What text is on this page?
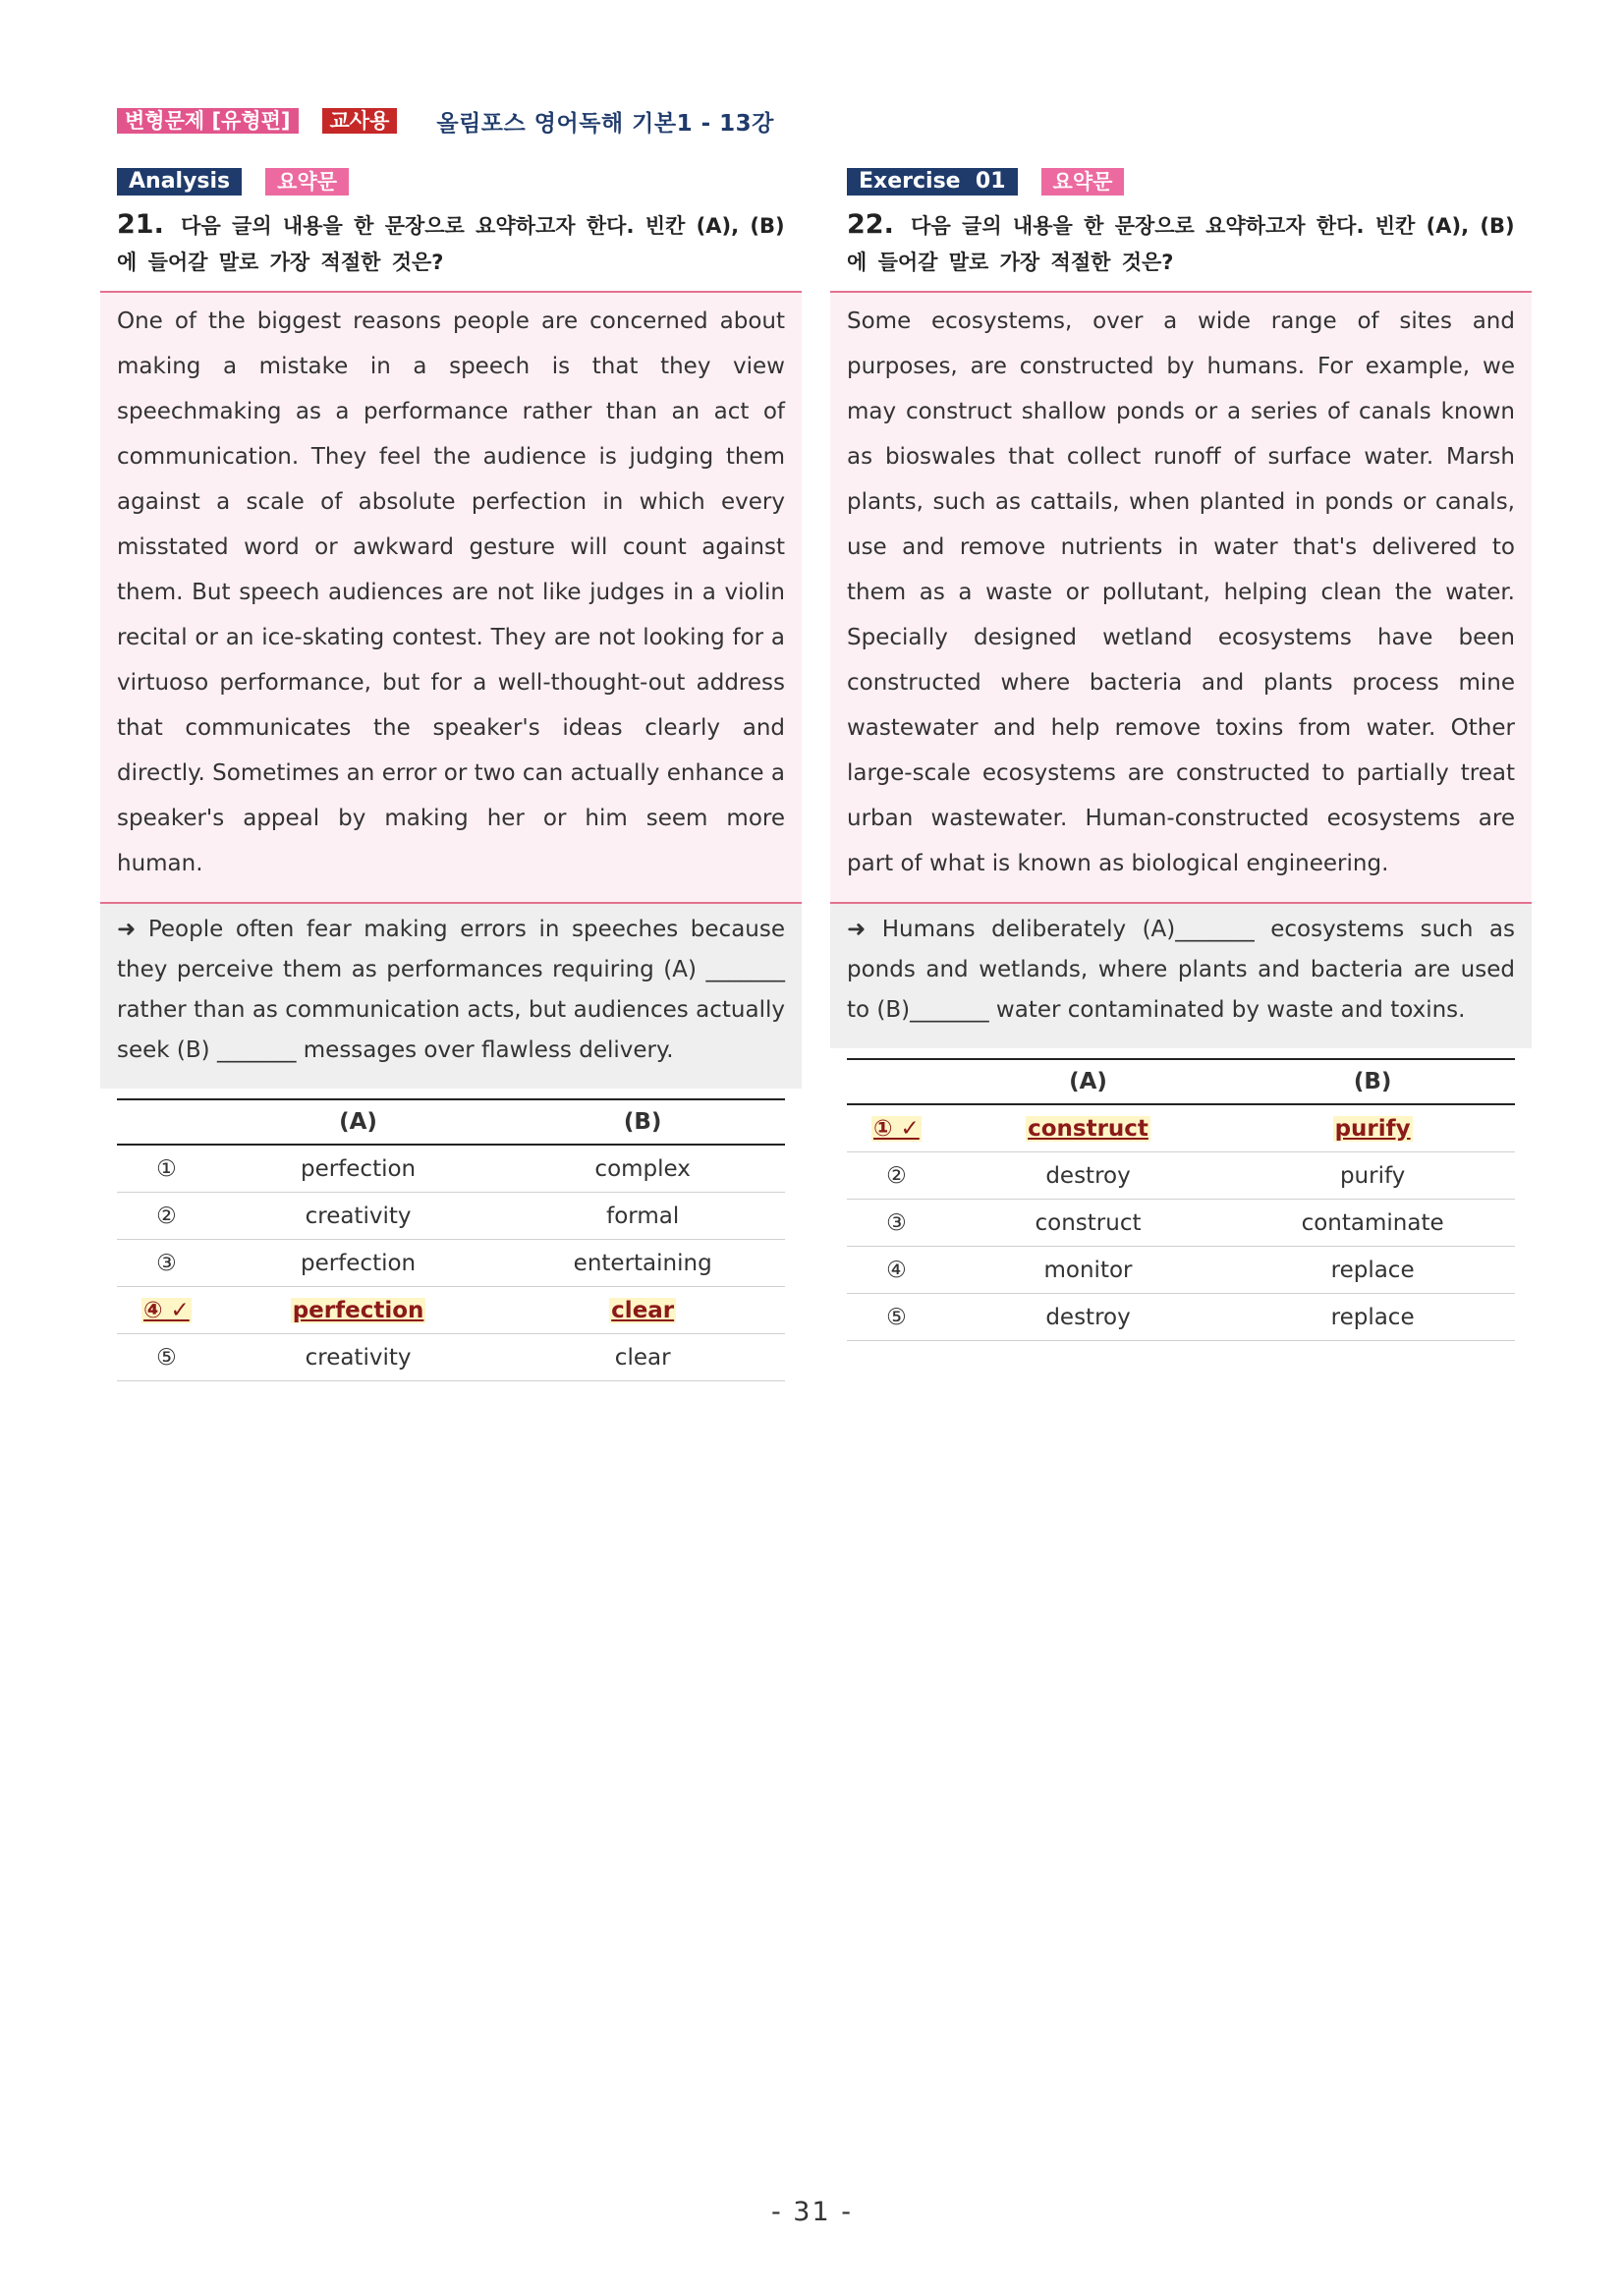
변형문제 [유형편]	교사용	올림포스 영어독해 기본1 - 13강
Analysis	요약문
21. 다음 글의 내용을 한 문장으로 요약하고자 한다. 빈칸 (A), (B)에 들어갈 말로 가장 적절한 것은?
One of the biggest reasons people are concerned about making a mistake in a speech is that they view speechmaking as a performance rather than an act of communication. They feel the audience is judging them against a scale of absolute perfection in which every misstated word or awkward gesture will count against them. But speech audiences are not like judges in a violin recital or an ice-skating contest. They are not looking for a virtuoso performance, but for a well-thought-out address that communicates the speaker's ideas clearly and directly. Sometimes an error or two can actually enhance a speaker's appeal by making her or him seem more human.
➜ People often fear making errors in speeches because they perceive them as performances requiring (A) _______ rather than as communication acts, but audiences actually seek (B) _______ messages over flawless delivery.
	(A)	(B)
①	perfection	complex
②	creativity	formal
③	perfection	entertaining
④ ✓	perfection	clear
⑤	creativity	clear
Exercise  01	요약문
22. 다음 글의 내용을 한 문장으로 요약하고자 한다. 빈칸 (A), (B)에 들어갈 말로 가장 적절한 것은?
Some ecosystems, over a wide range of sites and purposes, are constructed by humans. For example, we may construct shallow ponds or a series of canals known as bioswales that collect runoff of surface water. Marsh plants, such as cattails, when planted in ponds or canals, use and remove nutrients in water that's delivered to them as a waste or pollutant, helping clean the water. Specially designed wetland ecosystems have been constructed where bacteria and plants process mine wastewater and help remove toxins from water. Other large-scale ecosystems are constructed to partially treat urban wastewater. Human-constructed ecosystems are part of what is known as biological engineering.
➜ Humans deliberately (A)_______ ecosystems such as ponds and wetlands, where plants and bacteria are used to (B)_______ water contaminated by waste and toxins.
	(A)	(B)
① ✓	construct	purify
②	destroy	purify
③	construct	contaminate
④	monitor	replace
⑤	destroy	replace
- 31 -
